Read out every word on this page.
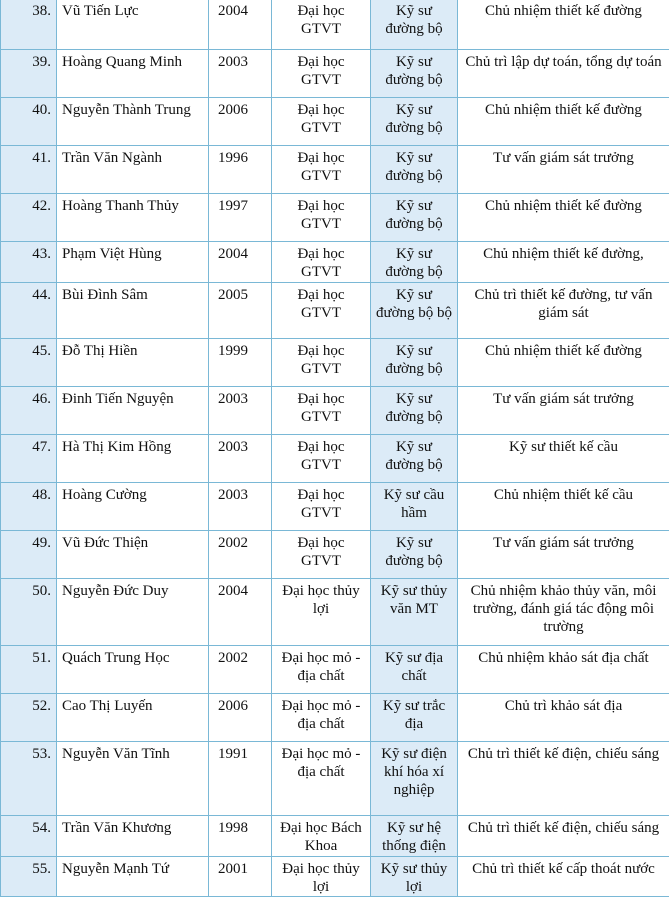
38.	Vũ Tiến Lực	2004	Đại học GTVT	Kỹ sư đường bộ	Chủ nhiệm thiết kế đường
39.	Hoàng Quang Minh	2003	Đại học GTVT	Kỹ sư đường bộ	Chủ trì lập dự toán, tổng dự toán
40.	Nguyễn Thành Trung	2006	Đại học GTVT	Kỹ sư đường bộ	Chủ nhiệm thiết kế đường
41.	Trần Văn Ngành	1996	Đại học GTVT	Kỹ sư đường bộ	Tư vấn giám sát trưởng
42.	Hoàng Thanh Thủy	1997	Đại học GTVT	Kỹ sư đường bộ	Chủ nhiệm thiết kế đường
43.	Phạm Việt Hùng	2004	Đại học GTVT	Kỹ sư đường bộ	Chủ nhiệm thiết kế đường,
44.	Bùi Đình Sâm	2005	Đại học GTVT	Kỹ sư đường bộ bộ	Chủ trì thiết kế đường, tư vấn giám sát
45.	Đỗ Thị Hiền	1999	Đại học GTVT	Kỹ sư đường bộ	Chủ nhiệm thiết kế đường
46.	Đinh Tiến Nguyện	2003	Đại học GTVT	Kỹ sư đường bộ	Tư vấn giám sát trưởng
47.	Hà Thị Kim Hồng	2003	Đại học GTVT	Kỹ sư đường bộ	Kỹ sư thiết kế cầu
48.	Hoàng Cường	2003	Đại học GTVT	Kỹ sư cầu hầm	Chủ nhiệm thiết kế cầu
49.	Vũ Đức Thiện	2002	Đại học GTVT	Kỹ sư đường bộ	Tư vấn giám sát trưởng
50.	Nguyễn Đức Duy	2004	Đại học thủy lợi	Kỹ sư thủy văn MT	Chủ nhiệm khảo thủy văn, môi trường, đánh giá tác động môi trường
51.	Quách Trung Học	2002	Đại học mỏ - địa chất	Kỹ sư địa chất	Chủ nhiệm khảo sát địa chất
52.	Cao Thị Luyến	2006	Đại học mỏ - địa chất	Kỹ sư trắc địa	Chủ trì khảo sát địa
53.	Nguyễn Văn Tĩnh	1991	Đại học mỏ - địa chất	Kỹ sư điện khí hóa xí nghiệp	Chủ trì thiết kế điện, chiếu sáng
54.	Trần Văn Khương	1998	Đại học Bách Khoa	Kỹ sư hệ thống điện	Chủ trì thiết kế điện, chiếu sáng
55.	Nguyễn Mạnh Tứ	2001	Đại học thủy lợi	Kỹ sư thủy lợi	Chủ trì thiết kế cấp thoát nước
